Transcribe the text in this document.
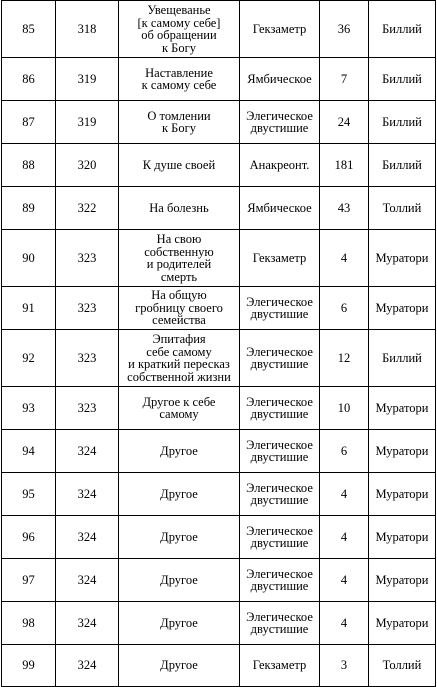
85	318	Увещеванье
[к самому себе]
об обращении
к Богу	Гекзаметр	36	Биллий
86	319	Наставление
к самому себе	Ямбическое	7	Биллий
87	319	О томлении
к Богу	Элегическое
двустишие	24	Биллий
88	320	К душе своей	Анакреонт.	181	Биллий
89	322	На болезнь	Ямбическое	43	Толлий
90	323	На свою
собственную
и родителей
смерть	Гекзаметр	4	Муратори
91	323	На общую
гробницу своего
семейства	Элегическое
двустишие	6	Муратори
92	323	Эпитафия
себе самому
и краткий пересказ
собственной жизни	Элегическое
двустишие	12	Биллий
93	323	Другое к себе
самому	Элегическое
двустишие	10	Муратори
94	324	Другое	Элегическое
двустишие	6	Муратори
95	324	Другое	Элегическое
двустишие	4	Муратори
96	324	Другое	Элегическое
двустишие	4	Муратори
97	324	Другое	Элегическое
двустишие	4	Муратори
98	324	Другое	Элегическое
двустишие	4	Муратори
99	324	Другое	Гекзаметр	3	Толлий
